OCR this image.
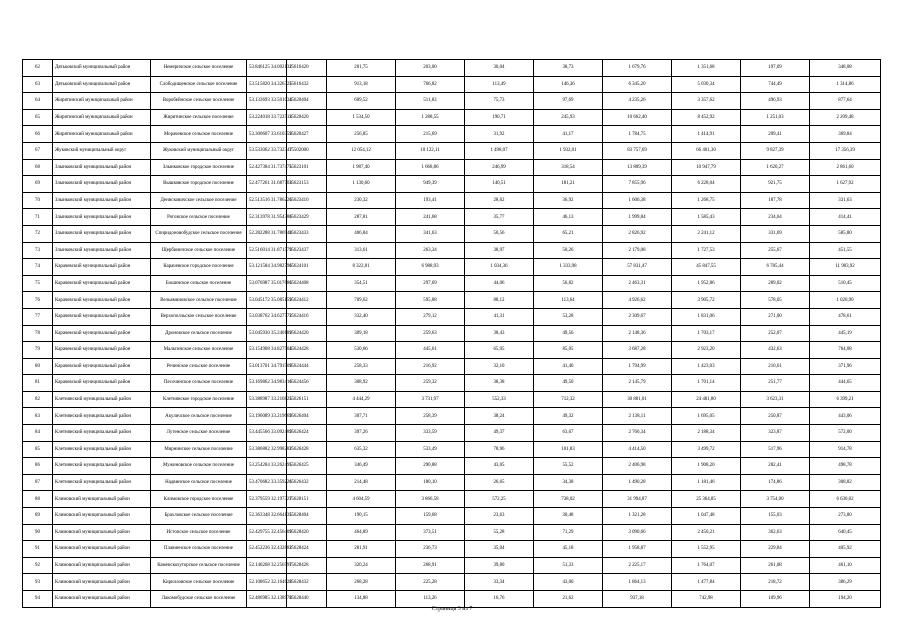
62	Дятьковский муниципальный район	Немеричское сельское поселение	53.846125 34.002132	15616420	201,75	203,00	30,04	38,73	1 679,76	1 351,68	197,09	348,08
63	Дятьковский муниципальный район	Слободищенское сельское поселение	53.515820 34.326325	15616432	913,18	766,82	113,49	146,36	6 345,20	5 030,34	744,49	1 314,86
64	Жирятинский муниципальный район	Воробейнское сельское поселение	53.133693 33.501034	15620404	609,52	511,83	75,73	97,69	4 235,26	3 357,62	496,93	877,64
65	Жирятинский муниципальный район	Жирятинское сельское поселение	53.224018 33.722513	15620420	1 534,50	1 288,55	190,71	245,93	10 662,40	8 452,92	1 251,03	2 209,48
66	Жирятинский муниципальный район	Морачевское сельское поселение	53.300607 33.610359	15620427	256,85	215,69	31,92	41,17	1 784,75	1 414,91	209,41	369,84
67	Жуковский муниципальный округ	Жуковский муниципальный округ	53.533062 33.732347	15502000	12 054,12	10 122,11	1 498,07	1 932,01	83 757,69	66 401,30	9 827,39	17 356,39
68	Злынковский муниципальный район	Злынковское городское поселение	52.427384 31.737475	15623101	1 987,40	1 668,86	246,99	318,54	13 809,39	10 947,79	1 620,27	2 861,60
69	Злынковский муниципальный район	Вышковское городское поселение	52.477261 31.687703	15623153	1 130,60	949,39	140,51	181,21	7 855,96	6 228,04	921,75	1 627,92
70	Злынковский муниципальный район	Денисковичское сельское поселение	52.513516 31.786226	15623410	230,32	193,41	28,62	36,92	1 600,38	1 268,75	187,78	331,63
71	Злынковский муниципальный район	Роговское сельское поселение	52.313978 31.954386	15623429	287,81	241,68	35,77	46,13	1 999,84	1 585,43	234,64	414,41
72	Злынковский муниципальный район	Спиридоновобудское сельское поселение	52.282288 31.786948	15623433	406,84	341,63	50,56	65,21	2 826,92	2 241,12	331,69	585,80
73	Злынковский муниципальный район	Щербиничское сельское поселение	52.516014 31.871579	15623437	313,61	263,34	38,97	50,26	2 179,08	1 727,53	255,67	451,55
74	Карачевский муниципальный район	Карачевское городское поселение	53.121584 34.982796	15624101	8 322,81	6 988,93	1 034,36	1 333,98	57 831,47	45 847,55	6 785,44	11 983,92
75	Карачевский муниципальный район	Бошинское сельское поселение	53.076987 35.017686	15624408	354,51	297,69	44,06	56,82	2 463,31	1 952,86	289,02	510,45
76	Карачевский муниципальный район	Вельяминовское сельское поселение	53.045172 35.085159	15624412	709,62	595,88	88,12	113,64	4 926,62	3 905,72	578,05	1 020,90
77	Карачевский муниципальный район	Верхополльское сельское поселение	53.038762 34.627772	15624416	332,40	279,12	41,31	53,28	2 309,67	1 831,06	271,00	478,61
78	Карачевский муниципальный район	Дроновское сельское поселение	53.045930 35.240189	15624420	309,18	259,63	38,43	49,56	2 148,36	1 703,17	252,07	445,19
79	Карачевский муниципальный район	Мальтинское сельское поселение	53.154908 34.827504	15624428	530,66	445,61	65,95	85,05	3 687,28	2 923,20	432,63	764,08
80	Карачевский муниципальный район	Речинское сельское поселение	53.013701 34.791509	15624444	258,33	216,92	32,10	41,40	1 794,99	1 423,03	210,61	371,96
81	Карачевский муниципальный район	Песочинское сельское поселение	53.169862 34.983416	15624456	308,92	259,32	38,38	49,50	2 145,79	1 701,14	251,77	444,65
82	Клетнянский муниципальный район	Клетнянское городское поселение	53.388987 33.216825	15626151	4 444,29	3 731,97	552,33	712,32	30 881,01	24 481,80	3 623,31	6 399,21
83	Клетнянский муниципальный район	Акуличское сельское поселение	53.196089 33.219669	15626404	307,71	258,39	38,24	49,32	2 138,11	1 695,05	250,87	443,06
84	Клетнянский муниципальный район	Лутенское сельское поселение	53.445566 33.092489	15626424	397,26	333,59	49,37	63,67	2 760,34	2 188,34	323,87	572,00
85	Клетнянский муниципальный район	Мирнинское сельское поселение	53.386882 32.998282	15626428	635,32	533,49	78,96	101,83	4 414,50	3 499,72	517,96	914,78
86	Клетнянский муниципальный район	Мужиновское сельское поселение	53.254284 33.262495	15626425	346,49	290,88	43,05	55,52	2 406,98	1 908,20	282,41	498,78
87	Клетнянский муниципальный район	Надвинское сельское поселение	53.470682 33.359226	15626432	214,48	180,10	26,65	34,38	1 490,28	1 181,46	174,86	308,82
88	Климовский муниципальный район	Климовское городское поселение	52.379559 32.197327	15628151	4 604,59	3 866,58	572,25	738,02	31 994,87	25 364,85	3 754,00	6 630,02
89	Климовский муниципальный район	Брахловское сельское поселение	52.363348 32.664135	15628404	190,15	159,68	23,63	30,48	1 321,28	1 047,48	155,03	273,80
90	Климовский муниципальный район	Истопское сельское поселение	52.429755 32.456409	15628420	464,89	373,51	55,28	71,29	3 090,66	2 450,21	362,63	640,45
91	Климовский муниципальный район	Плавненское сельское поселение	52.452236 32.432882	15628424	281,91	236,73	35,04	45,18	1 958,87	1 552,95	229,84	405,92
92	Климовский муниципальный район	Каменскохуторское сельское поселение	52.140268 32.256597	15628428	320,24	268,91	39,80	51,33	2 225,17	1 764,07	261,08	461,10
93	Климовский муниципальный район	Кирилловское сельское поселение	52.108652 32.164628	15628432	268,28	225,28	33,34	43,00	1 864,13	1 477,84	218,72	386,29
94	Климовский муниципальный район	Лакомобудское сельское поселение	52.486985 32.138978	15628440	134,88	113,26	16,76	21,62	937,18	742,98	109,96	194,20
Страница 3 из 7
